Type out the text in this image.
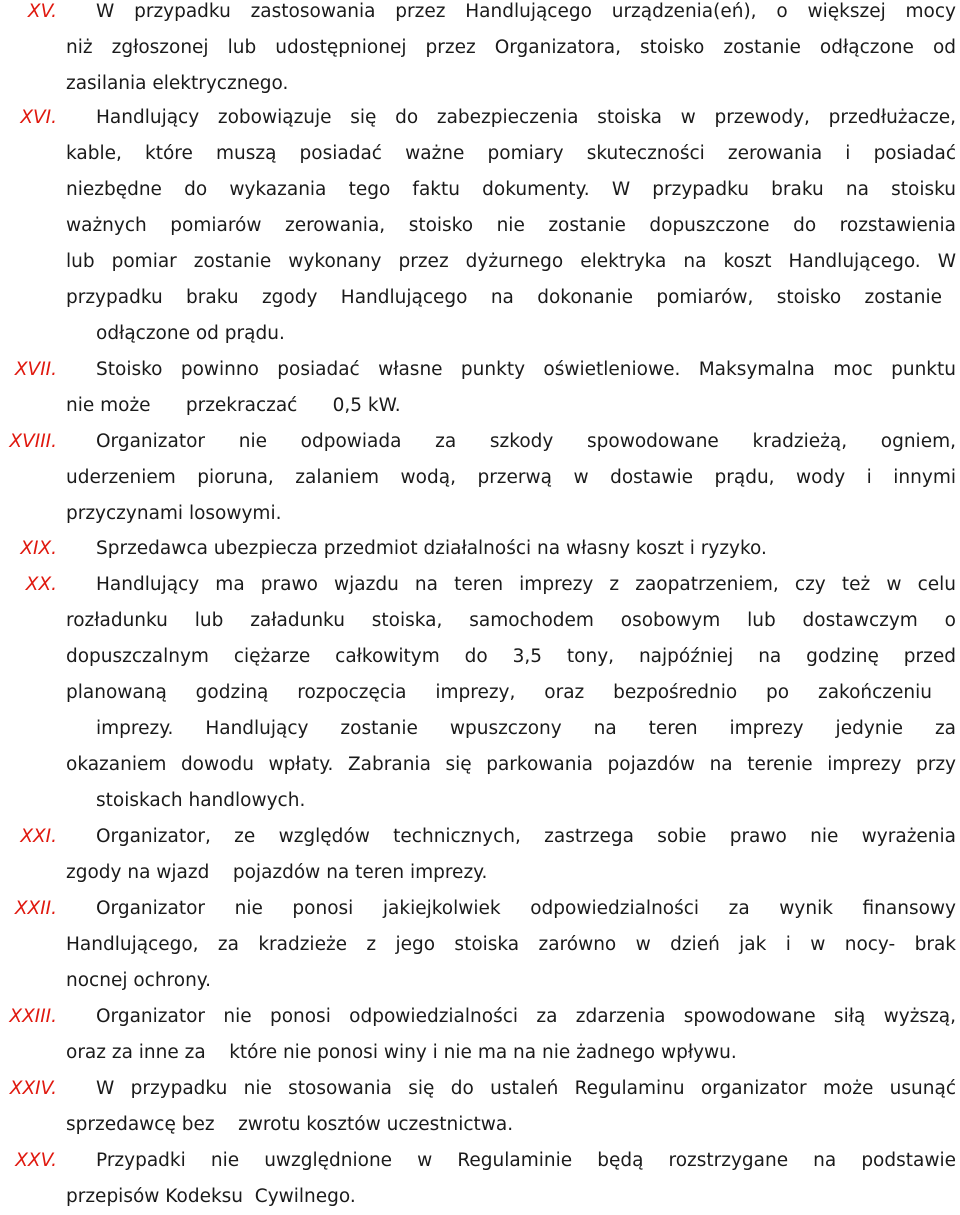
XV. W przypadku zastosowania przez Handlującego urządzenia(eń), o większej mocy
niż zgłoszonej lub udostępnionej przez Organizatora, stoisko zostanie odłączone od
zasilania elektrycznego.
XVI. Handlujący zobowiązuje się do zabezpieczenia stoiska w przewody, przedłużacze,
kable, które muszą posiadać ważne pomiary skuteczności zerowania i posiadać
niezbędne do wykazania tego faktu dokumenty. W przypadku braku na stoisku
ważnych pomiarów zerowania, stoisko nie zostanie dopuszczone do rozstawienia
lub pomiar zostanie wykonany przez dyżurnego elektryka na koszt Handlującego. W
przypadku braku zgody Handlującego na dokonanie pomiarów, stoisko zostanie
odłączone od prądu.
XVII. Stoisko powinno posiadać własne punkty oświetleniowe. Maksymalna moc punktu
nie może      przekraczać      0,5 kW.
XVIII. Organizator nie odpowiada za szkody spowodowane kradzieżą, ogniem,
uderzeniem pioruna, zalaniem wodą, przerwą w dostawie prądu, wody i innymi
przyczynami losowymi.
XIX. Sprzedawca ubezpiecza przedmiot działalności na własny koszt i ryzyko.
XX. Handlujący ma prawo wjazdu na teren imprezy z zaopatrzeniem, czy też w celu
rozładunku lub załadunku stoiska, samochodem osobowym lub dostawczym o
dopuszczalnym ciężarze całkowitym do 3,5 tony, najpóźniej na godzinę przed
planowaną godziną rozpoczęcia imprezy, oraz bezpośrednio po zakończeniu
imprezy. Handlujący zostanie wpuszczony na teren imprezy jedynie za
okazaniem dowodu wpłaty. Zabrania się parkowania pojazdów na terenie imprezy przy
stoiskach handlowych.
XXI. Organizator, ze względów technicznych, zastrzega sobie prawo nie wyrażenia
zgody na wjazd    pojazdów na teren imprezy.
XXII. Organizator nie ponosi jakiejkolwiek odpowiedzialności za wynik finansowy
Handlującego, za kradzieże z jego stoiska zarówno w dzień jak i w nocy- brak
nocnej ochrony.
XXIII. Organizator nie ponosi odpowiedzialności za zdarzenia spowodowane siłą wyższą,
oraz za inne za    które nie ponosi winy i nie ma na nie żadnego wpływu.
XXIV. W przypadku nie stosowania się do ustaleń Regulaminu organizator może usunąć
sprzedawcę bez    zwrotu kosztów uczestnictwa.
XXV. Przypadki nie uwzględnione w Regulaminie będą rozstrzygane na podstawie
przepisów Kodeksu  Cywilnego.
